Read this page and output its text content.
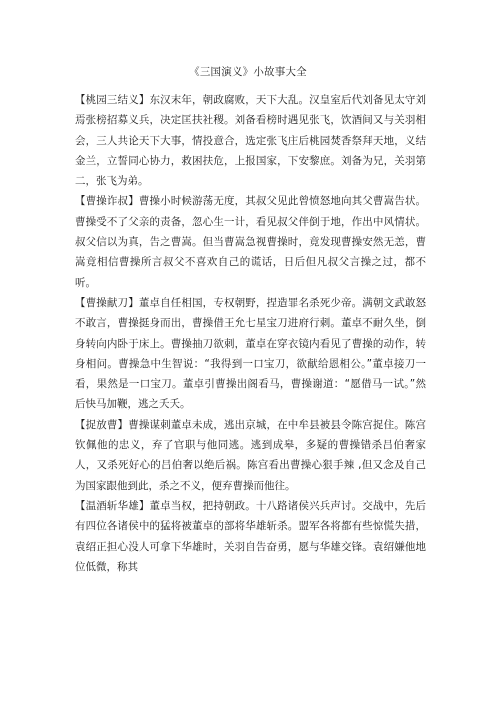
《三国演义》小故事大全

【桃园三结义】东汉末年，朝政腐败，天下大乱。汉皇室后代刘备见太守刘焉张榜招募义兵，决定匡扶社稷。刘备看榜时遇见张飞，饮酒间又与关羽相会，三人共论天下大事，情投意合，选定张飞庄后桃园焚香祭拜天地，义结金兰，立誓同心协力，救困扶危，上报国家，下安黎庶。刘备为兄，关羽第二，张飞为弟。

【曹操诈叔】曹操小时候游荡无度，其叔父见此曾愤怒地向其父曹嵩告状。曹操受不了父亲的责备，忽心生一计，看见叔父伴倒于地，作出中风情状。叔父信以为真，告之曹嵩。但当曹嵩急视曹操时，竟发现曹操安然无恙，曹嵩竟相信曹操所言叔父不喜欢自己的谎话，日后但凡叔父言操之过，都不听。

【曹操献刀】董卓自任相国，专权朝野，捏造罪名杀死少帝。满朝文武敢怒不敢言，曹操挺身而出，曹操借王允七星宝刀进府行刺。董卓不耐久坐，倒身转向内卧于床上。曹操抽刀欲刺，董卓在穿衣镜内看见了曹操的动作，转身相问。曹操急中生智说：“我得到一口宝刀，欲献给恩相公。”董卓接刀一看，果然是一口宝刀。董卓引曹操出阁看马，曹操谢道：“愿借马一试。”然后快马加鞭，逃之夭夭。

【捉放曹】曹操谋刺董卓未成，逃出京城，在中牟县被县令陈宫捉住。陈宫钦佩他的忠义，弃了官职与他同逃。逃到成皋，多疑的曹操错杀吕伯奢家人，又杀死好心的吕伯奢以绝后祸。陈宫看出曹操心狠手辣 ,但又念及自己为国家跟他到此，杀之不义，便弃曹操而他往。

【温酒斩华雄】董卓当权，把持朝政。十八路诸侯兴兵声讨。交战中，先后有四位各诸侯中的猛将被董卓的部将华雄斩杀。盟军各将都有些惊慌失措，袁绍正担心没人可拿下华雄时，关羽自告奋勇，愿与华雄交锋。袁绍嫌他地位低微，称其
